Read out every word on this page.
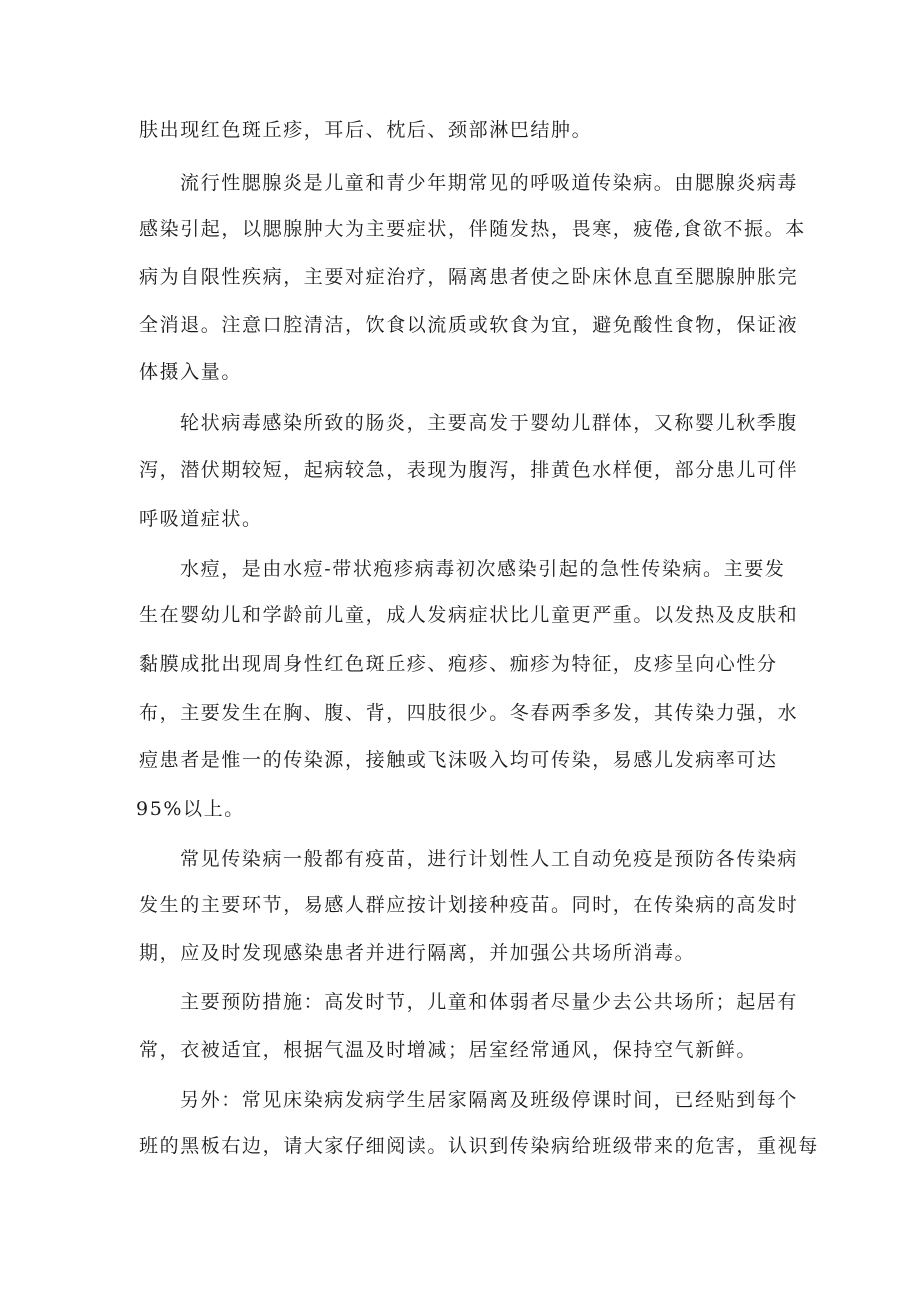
肤出现红色斑丘疹，耳后、枕后、颈部淋巴结肿。
流行性腮腺炎是儿童和青少年期常见的呼吸道传染病。由腮腺炎病毒
感染引起，以腮腺肿大为主要症状，伴随发热，畏寒，疲倦,食欲不振。本
病为自限性疾病，主要对症治疗，隔离患者使之卧床休息直至腮腺肿胀完
全消退。注意口腔清洁，饮食以流质或软食为宜，避免酸性食物，保证液
体摄入量。
轮状病毒感染所致的肠炎，主要高发于婴幼儿群体，又称婴儿秋季腹
泻，潜伏期较短，起病较急，表现为腹泻，排黄色水样便，部分患儿可伴
呼吸道症状。
水痘，是由水痘-带状疱疹病毒初次感染引起的急性传染病。主要发
生在婴幼儿和学龄前儿童，成人发病症状比儿童更严重。以发热及皮肤和
黏膜成批出现周身性红色斑丘疹、疱疹、痂疹为特征，皮疹呈向心性分
布，主要发生在胸、腹、背，四肢很少。冬春两季多发，其传染力强，水
痘患者是惟一的传染源，接触或飞沫吸入均可传染，易感儿发病率可达
95%以上。
常见传染病一般都有疫苗，进行计划性人工自动免疫是预防各传染病
发生的主要环节，易感人群应按计划接种疫苗。同时，在传染病的高发时
期，应及时发现感染患者并进行隔离，并加强公共场所消毒。
主要预防措施：高发时节，儿童和体弱者尽量少去公共场所；起居有
常，衣被适宜，根据气温及时增减；居室经常通风，保持空气新鲜。
另外：常见床染病发病学生居家隔离及班级停课时间，已经贴到每个
班的黑板右边，请大家仔细阅读。认识到传染病给班级带来的危害，重视每
